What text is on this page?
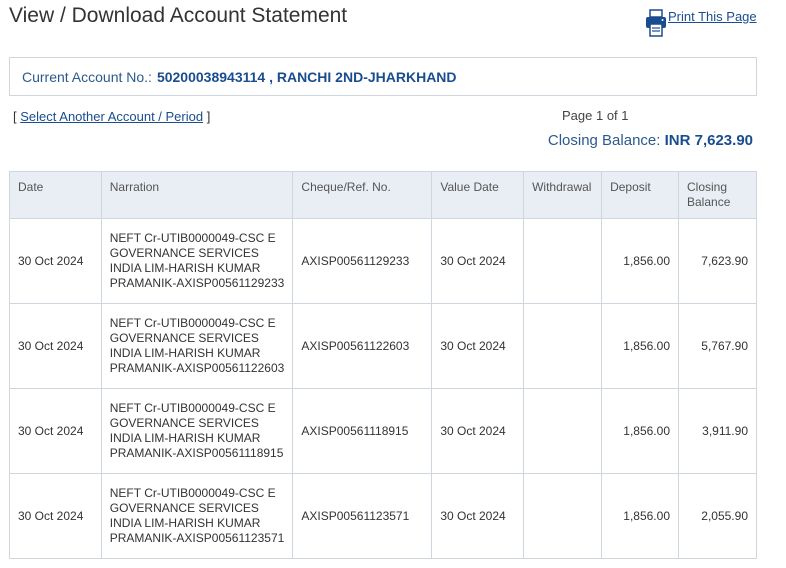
View / Download Account Statement	Print This Page
Current Account No.: 50200038943114 , RANCHI 2ND-JHARKHAND
[ Select Another Account / Period ]	Page 1 of 1
Closing Balance: INR 7,623.90
Date	Narration	Cheque/Ref. No.	Value Date	Withdrawal	Deposit	Closing Balance
30 Oct 2024	NEFT Cr-UTIB0000049-CSC E
GOVERNANCE SERVICES
INDIA LIM-HARISH KUMAR
PRAMANIK-AXISP00561129233	AXISP00561129233	30 Oct 2024		1,856.00	7,623.90
30 Oct 2024	NEFT Cr-UTIB0000049-CSC E
GOVERNANCE SERVICES
INDIA LIM-HARISH KUMAR
PRAMANIK-AXISP00561122603	AXISP00561122603	30 Oct 2024		1,856.00	5,767.90
30 Oct 2024	NEFT Cr-UTIB0000049-CSC E
GOVERNANCE SERVICES
INDIA LIM-HARISH KUMAR
PRAMANIK-AXISP00561118915	AXISP00561118915	30 Oct 2024		1,856.00	3,911.90
30 Oct 2024	NEFT Cr-UTIB0000049-CSC E
GOVERNANCE SERVICES
INDIA LIM-HARISH KUMAR
PRAMANIK-AXISP00561123571	AXISP00561123571	30 Oct 2024		1,856.00	2,055.90
